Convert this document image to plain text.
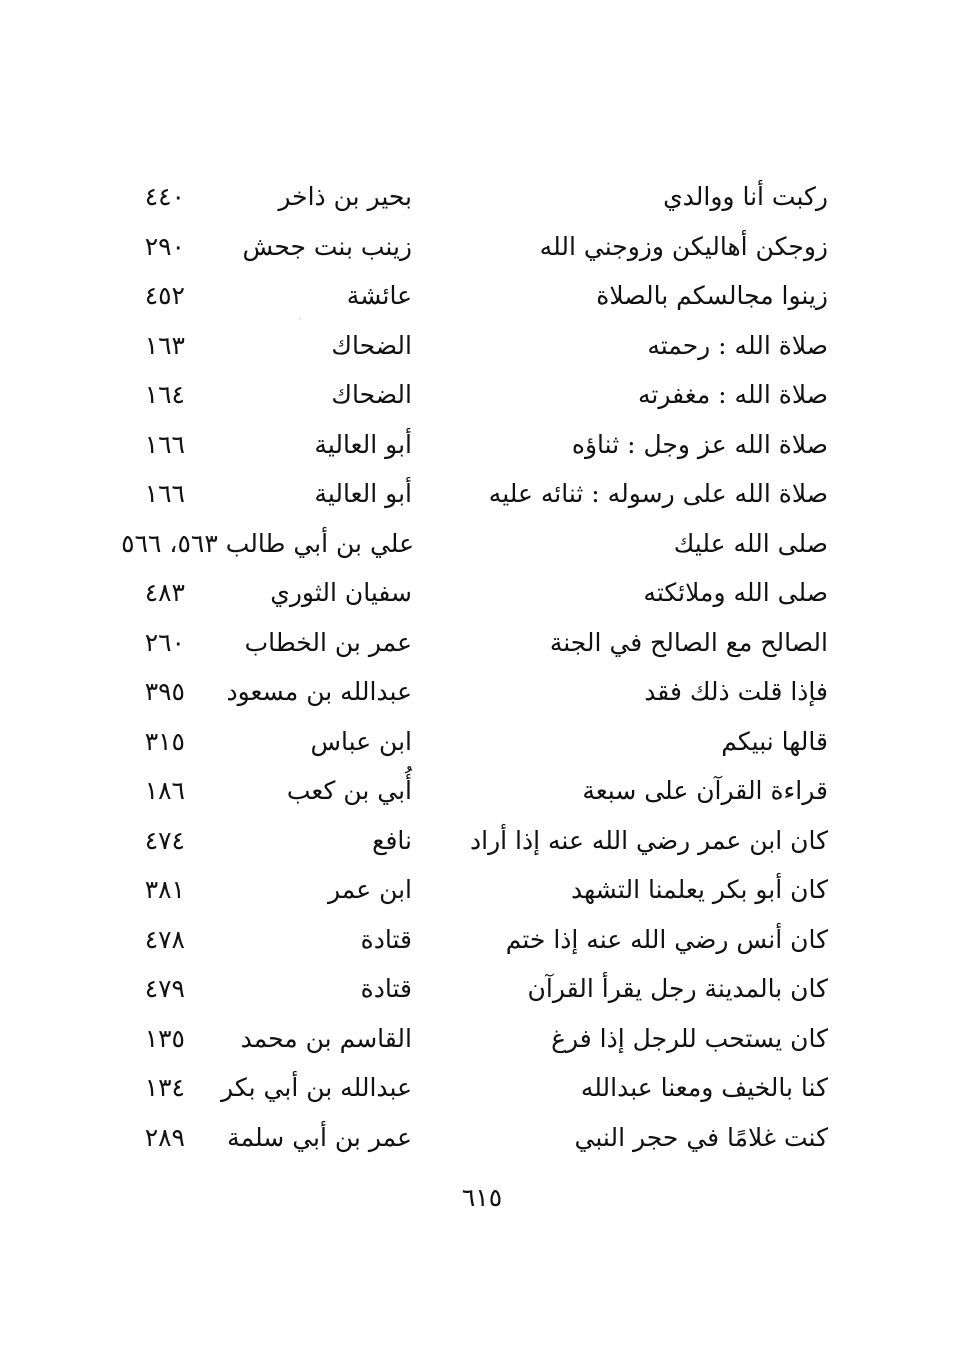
ركبت أنا ووالدي
بحير بن ذاخر
٤٤٠
زوجكن أهاليكن وزوجني الله
زينب بنت جحش
٢٩٠
زينوا مجالسكم بالصلاة
عائشة
٤٥٢
صلاة الله : رحمته
الضحاك
١٦٣
صلاة الله : مغفرته
الضحاك
١٦٤
صلاة الله عز وجل : ثناؤه
أبو العالية
١٦٦
صلاة الله على رسوله : ثنائه عليه
أبو العالية
١٦٦
صلى الله عليك
علي بن أبي طالب ٥٦٣، ٥٦٦
صلى الله وملائكته
سفيان الثوري
٤٨٣
الصالح مع الصالح في الجنة
عمر بن الخطاب
٢٦٠
فإذا قلت ذلك فقد
عبدالله بن مسعود
٣٩٥
قالها نبيكم
ابن عباس
٣١٥
قراءة القرآن على سبعة
أُبي بن كعب
١٨٦
كان ابن عمر رضي الله عنه إذا أراد
نافع
٤٧٤
كان أبو بكر يعلمنا التشهد
ابن عمر
٣٨١
كان أنس رضي الله عنه إذا ختم
قتادة
٤٧٨
كان بالمدينة رجل يقرأ القرآن
قتادة
٤٧٩
كان يستحب للرجل إذا فرغ
القاسم بن محمد
١٣٥
كنا بالخيف ومعنا عبدالله
عبدالله بن أبي بكر
١٣٤
كنت غلامًا في حجر النبي
عمر بن أبي سلمة
٢٨٩
٦١٥
